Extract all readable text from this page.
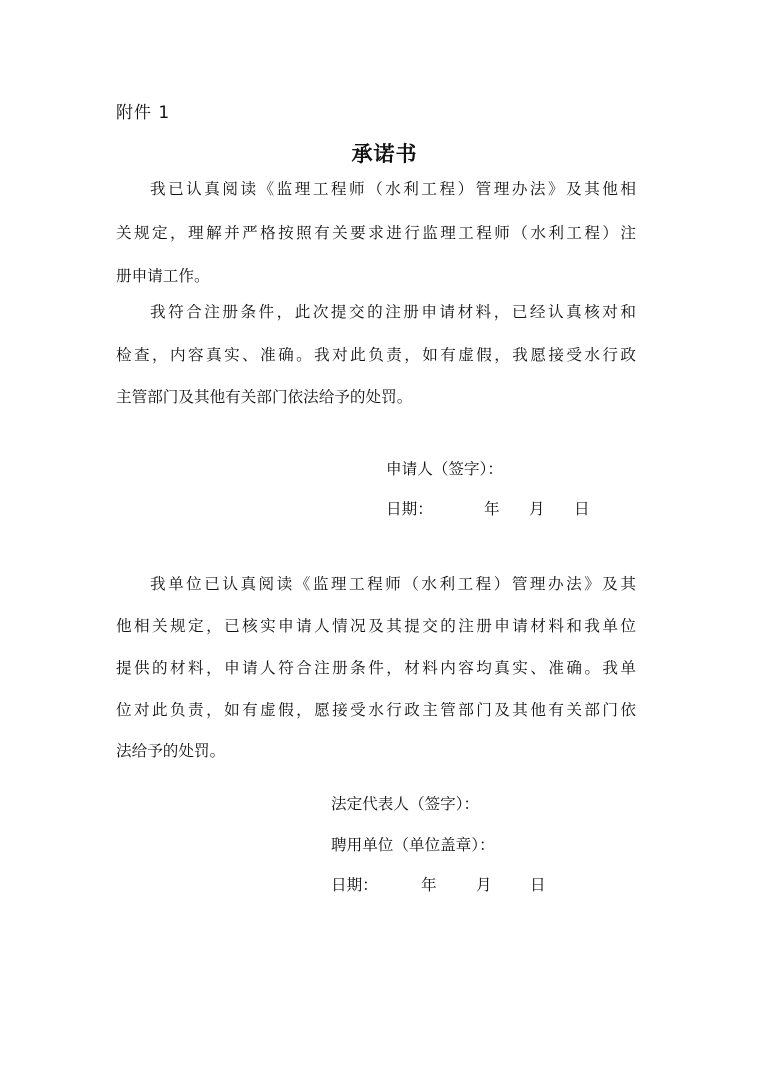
附件 1
承诺书
我已认真阅读《监理工程师（水利工程）管理办法》及其他相
关规定，理解并严格按照有关要求进行监理工程师（水利工程）注
册申请工作。
我符合注册条件，此次提交的注册申请材料，已经认真核对和
检查，内容真实、准确。我对此负责，如有虚假，我愿接受水行政
主管部门及其他有关部门依法给予的处罚。
申请人（签字）：
日期：	年 月 日
我单位已认真阅读《监理工程师（水利工程）管理办法》及其
他相关规定，已核实申请人情况及其提交的注册申请材料和我单位
提供的材料，申请人符合注册条件，材料内容均真实、准确。我单
位对此负责，如有虚假，愿接受水行政主管部门及其他有关部门依
法给予的处罚。
法定代表人（签字）：
聘用单位（单位盖章）：
日期：	年	月 日
